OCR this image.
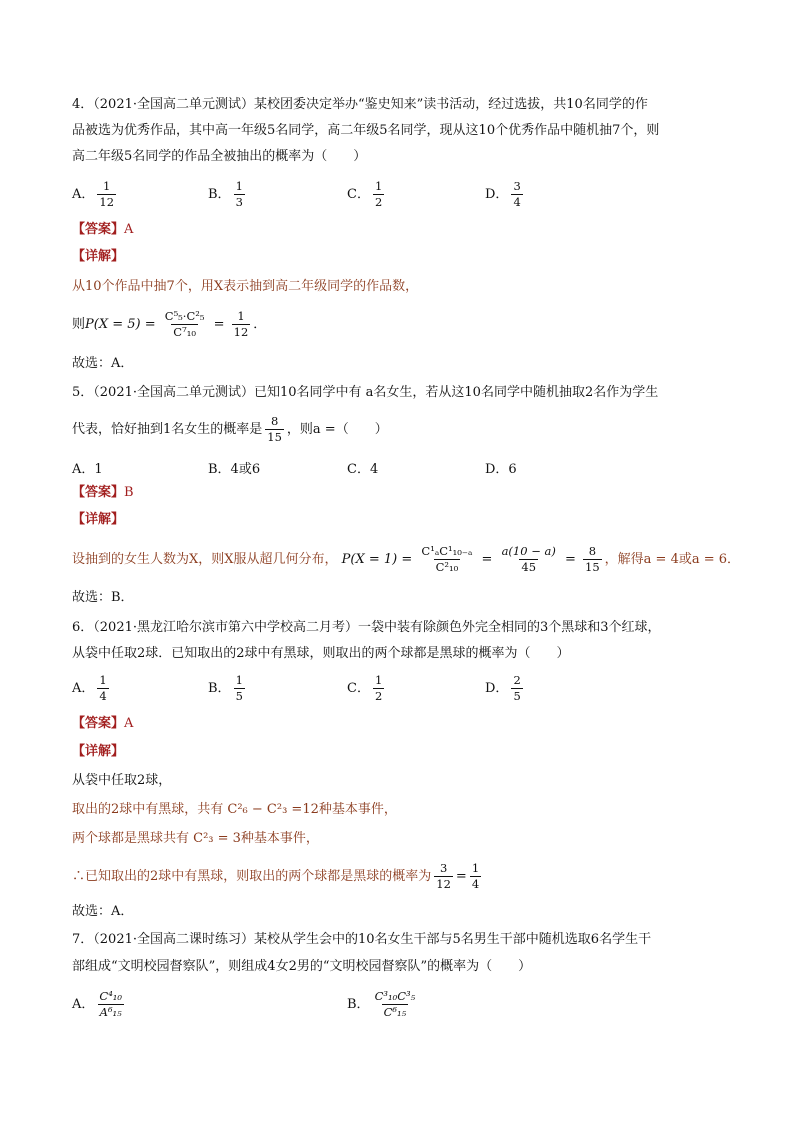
4．（2021·全国高二单元测试）某校团委决定举办“鉴史知来”读书活动，经过选拔，共10名同学的作
品被选为优秀作品，其中高一年级5名同学，高二年级5名同学，现从这10个优秀作品中随机抽7个，则
高二年级5名同学的作品全被抽出的概率为（　　）
A． $\frac{1}{12}$	B． $\frac{1}{3}$	C． $\frac{1}{2}$	D． $\frac{3}{4}$
【答案】A
【详解】
从10个作品中抽7个，用X表示抽到高二年级同学的作品数，
则$P(X = 5) = \frac{\text{C⁵₅·C²₅}}{\text{C⁷₁₀}} = \frac{1}{12}$ ．
故选：A．
5．（2021·全国高二单元测试）已知10名同学中有 a名女生，若从这10名同学中随机抽取2名作为学生
代表，恰好抽到1名女生的概率是 $\frac{8}{15}$ ，则a =（　　）
A．1	B．4或6	C．4	D．6
【答案】B
【详解】
设抽到的女生人数为X，则X服从超几何分布， $P(X = 1) = \frac{\text{C¹ₐC¹₁₀₋ₐ}}{\text{C²₁₀}} = \frac{a(10 - a)}{45} = \frac{8}{15}$ ，解得a = 4或a = 6．
故选：B．
6．（2021·黑龙江哈尔滨市第六中学校高二月考）一袋中装有除颜色外完全相同的3个黑球和3个红球，
从袋中任取2球．已知取出的2球中有黑球，则取出的两个球都是黑球的概率为（　　）
A． $\frac{1}{4}$	B． $\frac{1}{5}$	C． $\frac{1}{2}$	D． $\frac{2}{5}$
【答案】A
【详解】
从袋中任取2球，
取出的2球中有黑球，共有 C²₆ − C²₃ =12种基本事件，
两个球都是黑球共有 C²₃ = 3种基本事件，
∴已知取出的2球中有黑球，则取出的两个球都是黑球的概率为 $\frac{3}{12} = \frac{1}{4}$
故选：A．
7．（2021·全国高二课时练习）某校从学生会中的10名女生干部与5名男生干部中随机选取6名学生干
部组成“文明校园督察队”，则组成4女2男的“文明校园督察队”的概率为（　　）
A． $\frac{\text{C⁴₁₀}}{\text{A⁶₁₅}}$	B． $\frac{\text{C³₁₀C³₅}}{\text{C⁶₁₅}}$
